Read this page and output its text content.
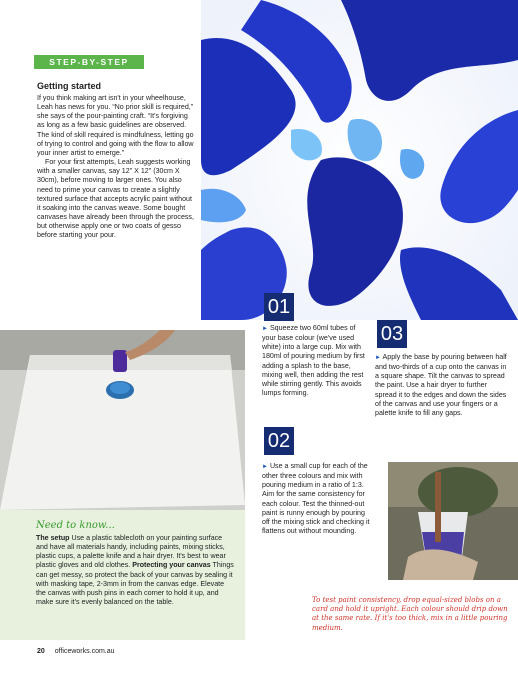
STEP-BY-STEP
Getting started

If you think making art isn't in your wheelhouse, Leah has news for you. “No prior skill is required,” she says of the pour-painting craft. “It's forgiving as long as a few basic guidelines are observed. The kind of skill required is mindfulness, letting go of trying to control and going with the flow to allow your inner artist to emerge.”

For your first attempts, Leah suggests working with a smaller canvas, say 12" X 12" (30cm X 30cm), before moving to larger ones. You also need to prime your canvas to create a slightly textured surface that accepts acrylic paint without it soaking into the canvas weave. Some bought canvases have already been through the process, but otherwise apply one or two coats of gesso before starting your pour.

01
► Squeeze two 60ml tubes of your base colour (we've used white) into a large cup. Mix with 180ml of pouring medium by first adding a splash to the base, mixing well, then adding the rest while stirring gently. This avoids lumps forming.
02
► Use a small cup for each of the other three colours and mix with pouring medium in a ratio of 1:3. Aim for the same consistency for each colour. Test the thinned-out paint is runny enough by pouring off the mixing stick and checking it flattens out without mounding.
03
► Apply the base by pouring between half and two-thirds of a cup onto the canvas in a square shape. Tilt the canvas to spread the paint. Use a hair dryer to further spread it to the edges and down the sides of the canvas and use your fingers or a palette knife to fill any gaps.
Need to know...

The setup Use a plastic tablecloth on your painting surface and have all materials handy, including paints, mixing sticks, plastic cups, a palette knife and a hair dryer. It's best to wear plastic gloves and old clothes. Protecting your canvas Things can get messy, so protect the back of your canvas by sealing it with masking tape, 2-3mm in from the canvas edge. Elevate the canvas with push pins in each corner to hold it up, and make sure it's evenly balanced on the table.	To test paint consistency, drop equal-sized blobs on a card and hold it upright. Each colour should drip down at the same rate. If it's too thick, mix in a little pouring medium.
20 officeworks.com.au
